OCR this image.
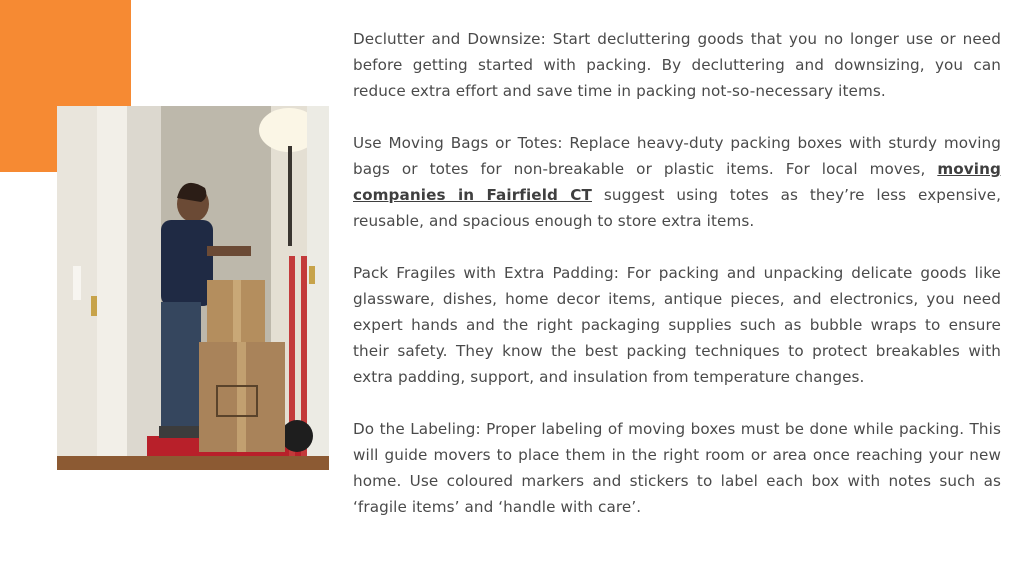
Declutter and Downsize: Start decluttering goods that you no longer use or need before getting started with packing. By decluttering and downsizing, you can reduce extra effort and save time in packing not-so-necessary items.

Use Moving Bags or Totes: Replace heavy-duty packing boxes with sturdy moving bags or totes for non-breakable or plastic items. For local moves, moving companies in Fairfield CT suggest using totes as they’re less expensive, reusable, and spacious enough to store extra items.

Pack Fragiles with Extra Padding: For packing and unpacking delicate goods like glassware, dishes, home decor items, antique pieces, and electronics, you need expert hands and the right packaging supplies such as bubble wraps to ensure their safety. They know the best packing techniques to protect breakables with extra padding, support, and insulation from temperature changes.

Do the Labeling: Proper labeling of moving boxes must be done while packing. This will guide movers to place them in the right room or area once reaching your new home. Use coloured markers and stickers to label each box with notes such as ‘fragile items’ and ‘handle with care’.
